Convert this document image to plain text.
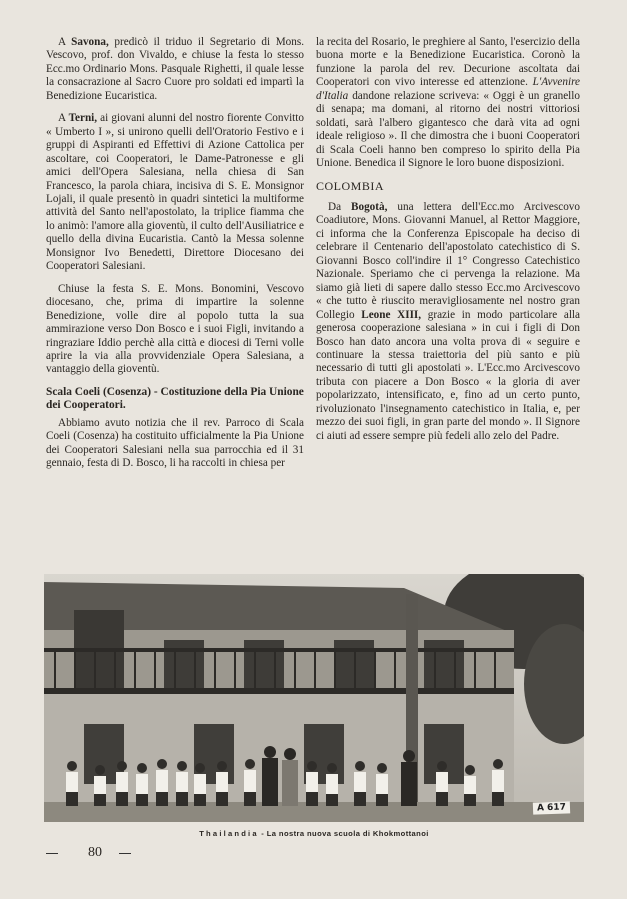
A Savona, predicò il triduo il Segretario di Mons. Vescovo, prof. don Vivaldo, e chiuse la festa lo stesso Ecc.mo Ordinario Mons. Pasquale Righetti, il quale lesse la consacrazione al Sacro Cuore pro soldati ed impartì la Benedizione Eucaristica.

A Terni, ai giovani alunni del nostro fiorente Convitto « Umberto I », si unirono quelli dell'Oratorio Festivo e i gruppi di Aspiranti ed Effettivi di Azione Cattolica per ascoltare, coi Cooperatori, le Dame-Patronesse e gli amici dell'Opera Salesiana, nella chiesa di San Francesco, la parola chiara, incisiva di S. E. Monsignor Lojali, il quale presentò in quadri sintetici la multiforme attività del Santo nell'apostolato, la triplice fiamma che lo animò: l'amore alla gioventù, il culto dell'Ausiliatrice e quello della divina Eucaristia. Cantò la Messa solenne Monsignor Ivo Benedetti, Direttore Diocesano dei Cooperatori Salesiani.

Chiuse la festa S. E. Mons. Bonomini, Vescovo diocesano, che, prima di impartire la solenne Benedizione, volle dire al popolo tutta la sua ammirazione verso Don Bosco e i suoi Figli, invitando a ringraziare Iddio perchè alla città e diocesi di Terni volle aprire la via alla provvidenziale Opera Salesiana, a vantaggio della gioventù.

Scala Coeli (Cosenza) - Costituzione della Pia Unione dei Cooperatori.

Abbiamo avuto notizia che il rev. Parroco di Scala Coeli (Cosenza) ha costituito ufficialmente la Pia Unione dei Cooperatori Salesiani nella sua parrocchia ed il 31 gennaio, festa di D. Bosco, li ha raccolti in chiesa per

la recita del Rosario, le preghiere al Santo, l'esercizio della buona morte e la Benedizione Eucaristica. Coronò la funzione la parola del rev. Decurione ascoltata dai Cooperatori con vivo interesse ed attenzione. L'Avvenire d'Italia dandone relazione scriveva: « Oggi è un granello di senapa; ma domani, al ritorno dei nostri vittoriosi soldati, sarà l'albero gigantesco che darà vita ad ogni ideale religioso ». Il che dimostra che i buoni Cooperatori di Scala Coeli hanno ben compreso lo spirito della Pia Unione. Benedica il Signore le loro buone disposizioni.

COLOMBIA

Da Bogotà, una lettera dell'Ecc.mo Arcivescovo Coadiutore, Mons. Giovanni Manuel, al Rettor Maggiore, ci informa che la Conferenza Episcopale ha deciso di celebrare il Centenario dell'apostolato catechistico di S. Giovanni Bosco coll'indire il 1° Congresso Catechistico Nazionale. Speriamo che ci pervenga la relazione. Ma siamo già lieti di sapere dallo stesso Ecc.mo Arcivescovo « che tutto è riuscito meravigliosamente nel nostro gran Collegio Leone XIII, grazie in modo particolare alla generosa cooperazione salesiana » in cui i figli di Don Bosco han dato ancora una volta prova di « seguire e continuare la stessa traiettoria del più santo e più necessario di tutti gli apostolati ». L'Ecc.mo Arcivescovo tributa con piacere a Don Bosco « la gloria di aver popolarizzato, intensificato, e, fino ad un certo punto, rivoluzionato l'insegnamento catechistico in Italia, e, per mezzo dei suoi figli, in gran parte del mondo ». Il Signore ci aiuti ad essere sempre più fedeli allo zelo del Padre.

A 617
Thailandia - La nostra nuova scuola di Khokmottanoi
80
